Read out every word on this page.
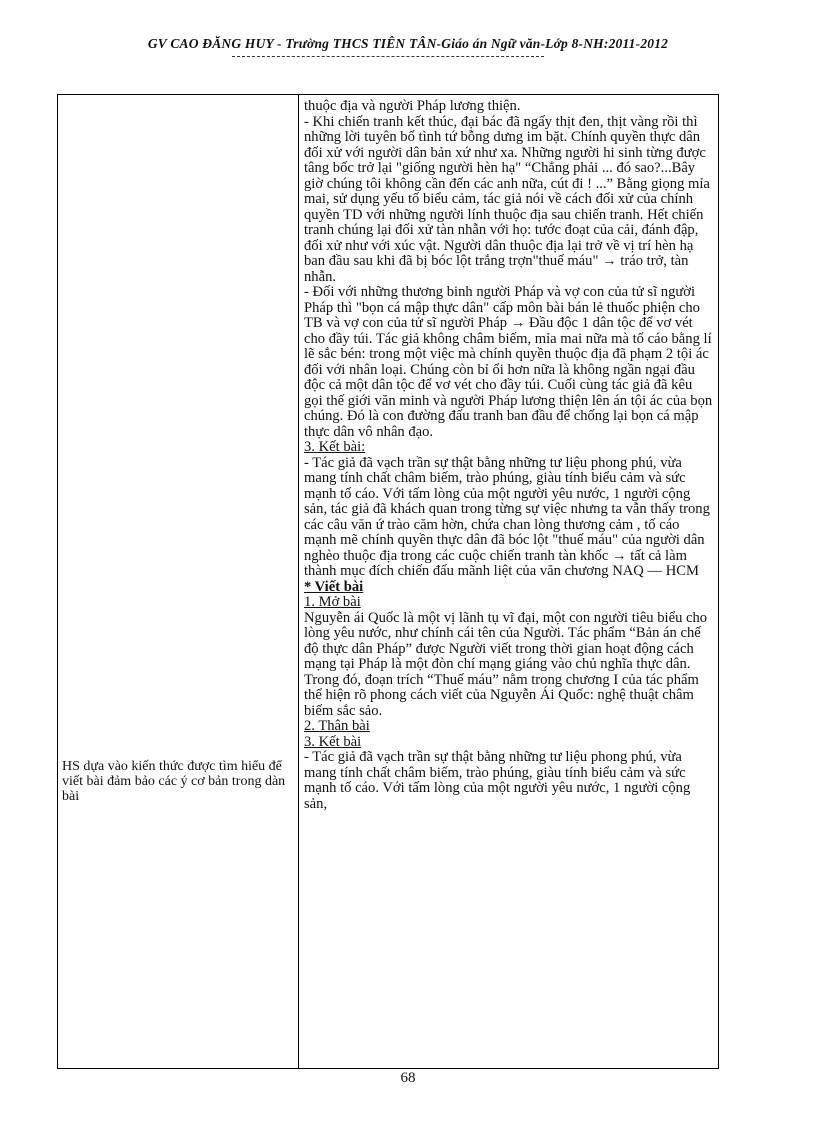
GV CAO ĐĂNG HUY - Trường THCS TIÊN TÂN-Giáo án Ngữ văn-Lớp 8-NH:2011-2012
HS dựa vào kiến thức được tìm hiểu để viết bài đảm bảo các ý cơ bản trong dàn bài

thuộc địa và người Pháp lương thiện.

- Khi chiến tranh kết thúc, đại bác đã ngấy thịt đen, thịt vàng rồi thì những lời tuyên bố tình tứ bỗng dưng im bặt. Chính quyền thực dân đối xử với người dân bản xứ như xa. Những người hi sinh từng được tâng bốc trở lại "giống người hèn hạ" “Chẳng phải ... đó sao?...Bây giờ chúng tôi không cần đến các anh nữa, cút đi ! ...” Bằng giọng mỉa mai, sử dụng yếu tố biểu cảm, tác giả nói về cách đối xử của chính quyền TD với những người lính thuộc địa sau chiến tranh. Hết chiến tranh chúng lại đối xử tàn nhẫn với họ: tước đoạt của cải, đánh đập, đối xử như với xúc vật. Người dân thuộc địa lại trở về vị trí hèn hạ ban đầu sau khi đã bị bóc lột trắng trợn"thuế máu" → tráo trở, tàn nhẫn.

- Đối với những thương binh người Pháp và vợ con của tử sĩ người Pháp thì "bọn cá mập thực dân" cấp môn bài bán lẻ thuốc phiện cho TB và vợ con của tử sĩ người Pháp → Đầu độc 1 dân tộc để vơ vét cho đầy túi. Tác giả không châm biếm, mỉa mai nữa mà tố cáo bằng lí lẽ sắc bén: trong một việc mà chính quyền thuộc địa đã phạm 2 tội ác đối với nhân loại. Chúng còn bỉ ổi hơn nữa là không ngần ngại đầu độc cả một dân tộc để vơ vét cho đầy túi. Cuối cùng tác giả đã kêu gọi thế giới văn minh và người Pháp lương thiện lên án tội ác của bọn chúng. Đó là con đường đấu tranh ban đầu để chống lại bọn cá mập thực dân vô nhân đạo.

3. Kết bài:

- Tác giả đã vạch trần sự thật bằng những tư liệu phong phú, vừa mang tính chất châm biếm, trào phúng, giàu tính biểu cảm và sức mạnh tố cáo. Với tấm lòng của một người yêu nước, 1 người cộng sản, tác giả đã khách quan trong từng sự việc nhưng ta vẫn thấy trong các câu văn ứ trào căm hờn, chứa chan lòng thương cảm , tố cáo mạnh mẽ chính quyền thực dân đã bóc lột "thuế máu" của người dân nghèo thuộc địa trong các cuộc chiến tranh tàn khốc → tất cả làm thành mục đích chiến đấu mãnh liệt của văn chương NAQ — HCM

* Viết bài

1. Mở bài

Nguyễn ái Quốc là một vị lãnh tụ vĩ đại, một con người tiêu biểu cho lòng yêu nước, như chính cái tên của Người. Tác phẩm “Bản án chế độ thực dân Pháp” được Người viết trong thời gian hoạt động cách mạng tại Pháp là một đòn chí mạng giáng vào chủ nghĩa thực dân. Trong đó, đoạn trích “Thuế máu” nằm trong chương I của tác phẩm thể hiện rõ phong cách viết của Nguyễn Ái Quốc: nghệ thuật châm biếm sắc sảo.

2. Thân bài

3. Kết bài

- Tác giả đã vạch trần sự thật bằng những tư liệu phong phú, vừa mang tính chất châm biếm, trào phúng, giàu tính biểu cảm và sức mạnh tố cáo. Với tấm lòng của một người yêu nước, 1 người cộng sản,

68
